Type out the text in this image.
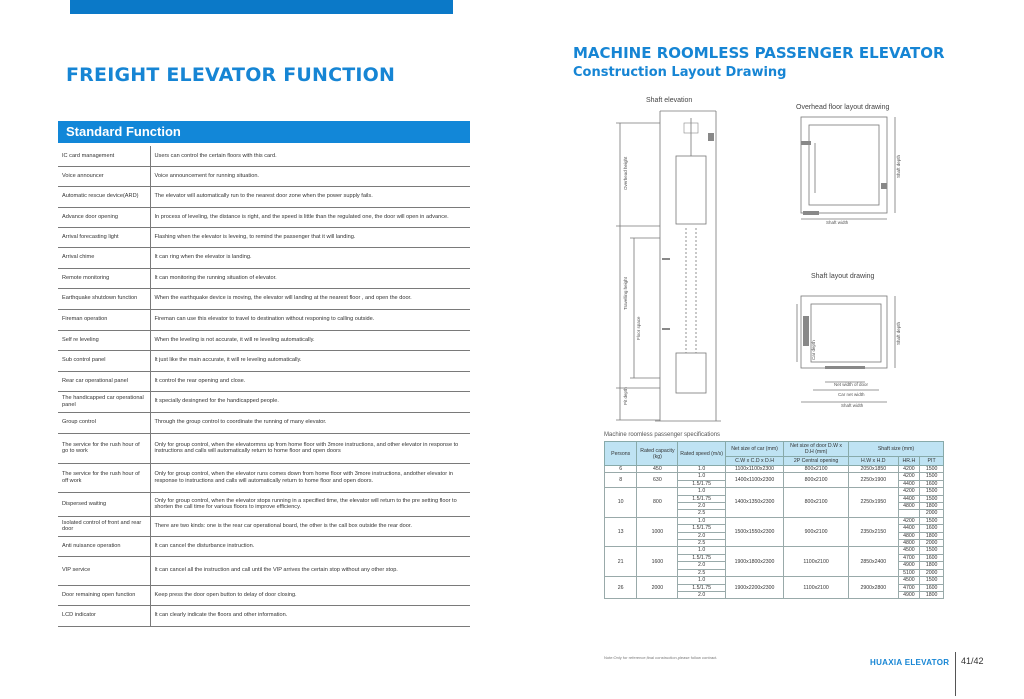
FREIGHT ELEVATOR FUNCTION
Standard Function
IC card management	Users can control the certain floors with this card.
Voice announcer	Voice announcement for running situation.
Automatic rescue device(ARD)	The elevator will automatically run to the nearest door zone when the power supply fails.
Advance door opening	In process of leveling, the distance is right, and the speed is little than the regulated one, the door will open in advance.
Arrival forecasting light	Flashing when the elevator is leveing, to remind the passenger that it will landing.
Arrival chime	It can ring when the elevator is landing.
Remote monitoring	It can monitoring the running situation of elevator.
Earthquake shutdown function	When the earthquake device is moving, the elevator will landing at the nearest floor , and open the door.
Fireman operation	Fireman can use this elevator to travel to destination without responing to calling outside.
Self re leveling	When the leveling is not accurate, it will re leveling automatically.
Sub control panel	It just like the main accurate, it will re leveling automatically.
Rear car operational panel	It control the rear opening and close.
The handicapped car operational panel	It specially desingned for the handicapped people.
Group control	Through the group control to coordinate the running of many elevator.
The service for the rush hour of go to work	Only for group control, when the elevatormns up from home floor with 3more instructions, and other elevator in response to instructions and calls will automatically return to home floor and open doors
The service for the rush hour of off work	Only for group control, when the elevator runs comes down from home floor with 3more instructions, andother elevator in response to instructions and calls will automatically return to home floor and open doors.
Dispersed waiting	Only for group control, when the elevator stops running in a specified time, the elevator will return to the pre setting floor to shorten the call time for various floors to improve efficiency.
Isolated control of front and rear door	There are two kinds: one is the rear car operational board, the other is the call box outside the rear door.
Anti nuisance operation	It can cancel the disturbance instruction.
VIP service	It can cancel all the instruction and call until the VIP arrives the certain stop without any other stop.
Door remaining open function	Keep press the door open button to delay of door closing.
LCD indicator	It can clearly indicate the floors and other information.
MACHINE ROOMLESS PASSENGER ELEVATOR
Construction Layout Drawing
Shaft elevation
Overhead floor layout drawing
Shaft layout drawing
Overhead height
Travelling height
Floor space
Pit depth
Shaft width
Shaft depth
Car depth
Shaft depth
Net width of door
Car net width
Shaft width
Machine roomless passenger specifications
Persons	Rated capacity (kg)	Rated speed (m/s)	Net size of car (mm)	Net size of door D.W x D.H (mm)	Shaft size (mm)		
			C.W x C.D x D.H	2P Central opening	H.W x H.D	HR.H	PIT
6	450	1.0	1100x1100x2300	800x2100	2050x1850	4200	1500
8	630	1.0	1400x1100x2300	800x2100	2250x1900	4200	1500
		1.5/1.75				4400	1600
10	800	1.0	1400x1350x2300	800x2100	2250x1950	4200	1500
		1.5/1.75				4400	1500
		2.0				4800	1800
		2.5					2000
13	1000	1.0	1500x1550x2300	900x2100	2350x2150	4200	1500
		1.5/1.75				4400	1600
		2.0				4800	1800
		2.5				4800	2000
21	1600	1.0	1900x1800x2300	1100x2100	2850x2400	4500	1500
		1.5/1.75				4700	1600
		2.0				4900	1800
		2.5				5100	2000
26	2000	1.0	1900x2200x2300	1100x2100	2900x2800	4500	1500
		1.5/1.75				4700	1600
		2.0				4900	1800
Note:Only for reference,final construction,please follow contract.
HUAXIA ELEVATOR 41/42
